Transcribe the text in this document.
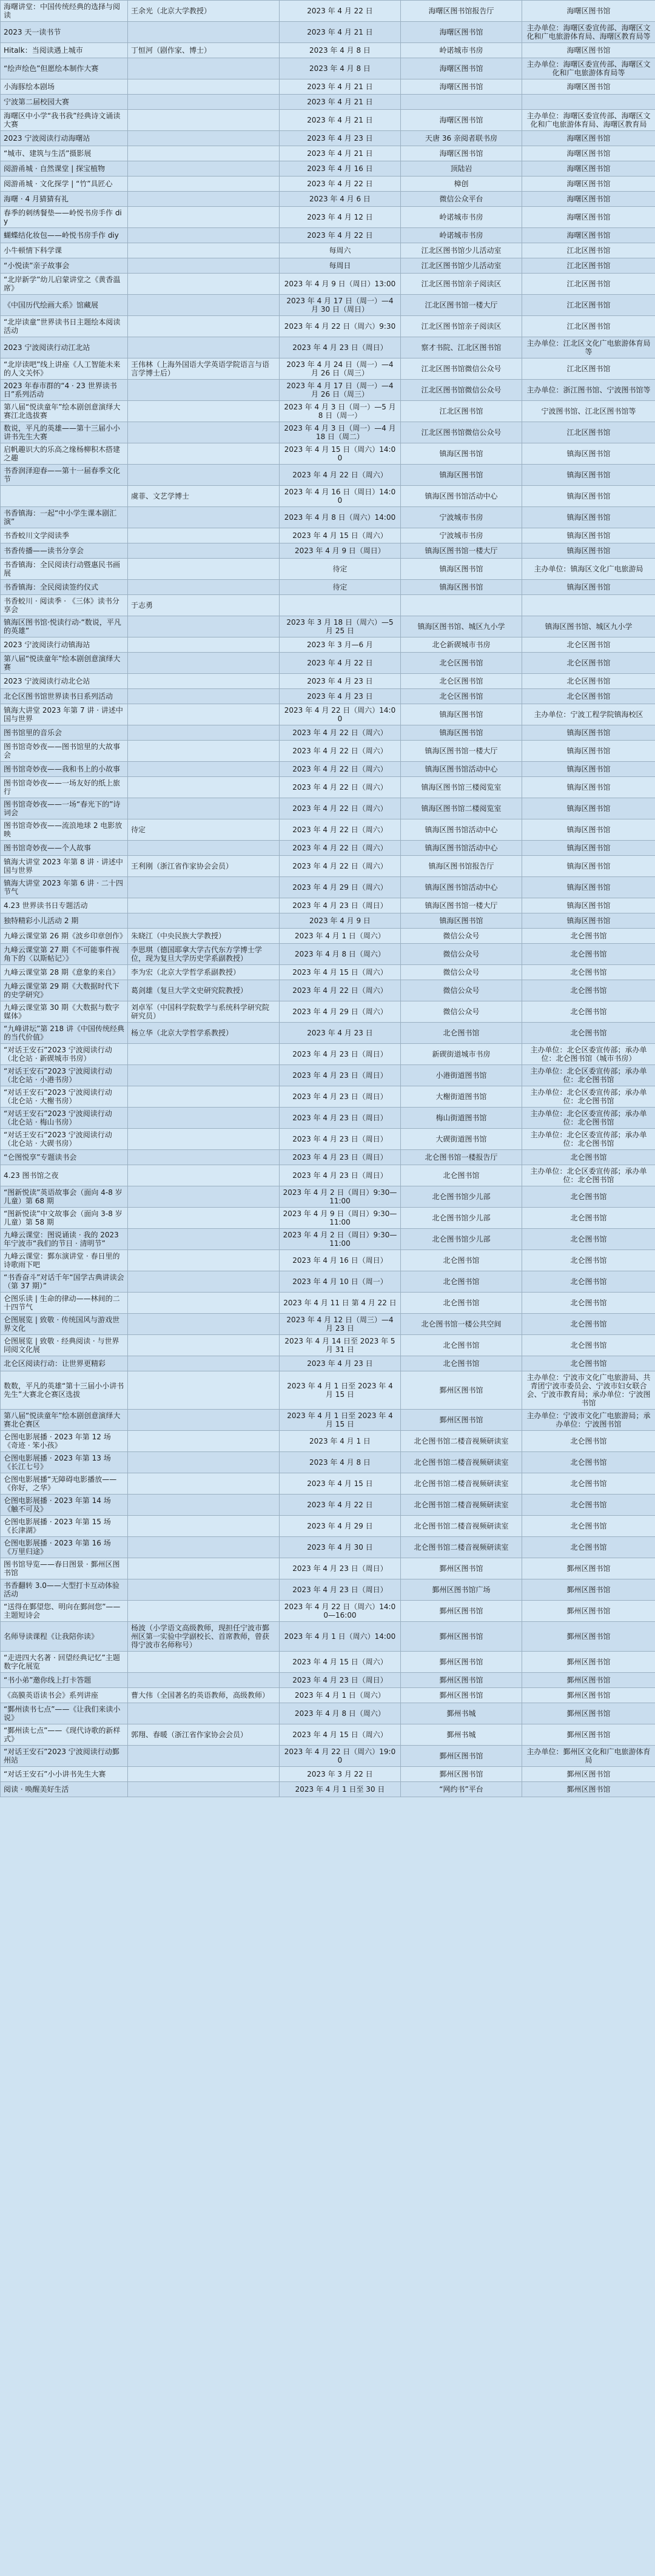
海曙讲堂：中国传统经典的选择与阅读	王余光（北京大学教授）	2023 年 4 月 22 日	海曙区图书馆报告厅	海曙区图书馆
2023 天一读书节		2023 年 4 月 21 日	海曙区图书馆	主办单位：海曙区委宣传部、海曙区文化和广电旅游体育局、海曙区教育局等
Hitalk：当阅读遇上城市	丁恒河（剧作家、博士）	2023 年 4 月 8 日	岭诺城市书房	海曙区图书馆
“绘声绘色”但愿绘本制作大赛		2023 年 4 月 8 日	海曙区图书馆	主办单位：海曙区委宣传部、海曙区文化和广电旅游体育局等
小海豚绘本剧场		2023 年 4 月 21 日	海曙区图书馆	海曙区图书馆
宁波第二届校园大赛		2023 年 4 月 21 日		
海曙区中小学“我书我”经典诗文诵读大赛		2023 年 4 月 21 日	海曙区图书馆	主办单位：海曙区委宣传部、海曙区文化和广电旅游体育局、海曙区教育局
2023 宁波阅读行动海曙站		2023 年 4 月 23 日	天唐 36 亲阅者联书房	海曙区图书馆
“城市、建筑与生活”摄影展		2023 年 4 月 21 日	海曙区图书馆	海曙区图书馆
阅游甬城 · 自然课堂 | 探宝植物		2023 年 4 月 16 日	顶陆岩	海曙区图书馆
阅游甬城 · 文化探学 | “竹”具匠心		2023 年 4 月 22 日	樟创	海曙区图书馆
海曙 · 4 月猜猜有礼		2023 年 4 月 6 日	微信公众平台	海曙区图书馆
春季的刺绣餐垫——岭悦书房手作 diy		2023 年 4 月 12 日	岭诺城市书房	海曙区图书馆
蝴蝶结化妆包——岭悦书房手作 diy		2023 年 4 月 22 日	岭诺城市书房	海曙区图书馆
小牛顿情下科学课		每周六	江北区图书馆少儿活动室	江北区图书馆
“小悦读”亲子故事会		每周日	江北区图书馆少儿活动室	江北区图书馆
“北岸新学”幼儿启蒙讲堂之《黄香温席》		2023 年 4 月 9 日（周日）13:00	江北区图书馆亲子阅读区	江北区图书馆
《中国历代绘画大系》馆藏展		2023 年 4 月 17 日（周一）—4 月 30 日（周日）	江北区图书馆一楼大厅	江北区图书馆
“北岸读童”世界读书日主题绘本阅读活动		2023 年 4 月 22 日（周六）9:30	江北区图书馆亲子阅读区	江北区图书馆
2023 宁波阅读行动江北站		2023 年 4 月 23 日（周日）	察才书院、江北区图书馆	主办单位：江北区文化广电旅游体育局等
“北岸读吧”线上讲座《人工智能未来的人文关怀》	王伟林（上海外国语大学英语学院语言与语言学博士后）	2023 年 4 月 24 日（周一）—4 月 26 日（周三）	江北区图书馆微信公众号	江北区图书馆
2023 年春市群的“4 · 23 世界读书日”系列活动		2023 年 4 月 17 日（周一）—4 月 26 日（周三）	江北区图书馆微信公众号	主办单位：浙江图书馆、宁波图书馆等
第八届“悦读童年”绘本剧创意演绎大赛江北选拔赛		2023 年 4 月 3 日（周一）—5 月 8 日（周一）	江北区图书馆	宁波图书馆、江北区图书馆等
数说，平凡的英雄——第十三届小小讲书先生大赛		2023 年 4 月 3 日（周一）—4 月 18 日（周二）	江北区图书馆微信公众号	江北区图书馆
启帆趣识大的乐高之缘杨柳积木搭建之趣		2023 年 4 月 15 日（周六）14:00	镇海区图书馆	镇海区图书馆
书香润泽迎春——第十一届春季文化节		2023 年 4 月 22 日（周六）	镇海区图书馆	镇海区图书馆
	虞菲、文艺学博士	2023 年 4 月 16 日（周日）14:00	镇海区图书馆活动中心	镇海区图书馆
书香镇海：一起“中小学生课本剧汇演”		2023 年 4 月 8 日（周六）14:00	宁波城市书房	镇海区图书馆
书香蛟川文学阅读季		2023 年 4 月 15 日（周六）	宁波城市书房	镇海区图书馆
书香传播——读书分享会		2023 年 4 月 9 日（周日）	镇海区图书馆一楼大厅	镇海区图书馆
书香镇海：全民阅读行动暨惠民书画展		待定	镇海区图书馆	主办单位：镇海区文化广电旅游局
书香镇海：全民阅读签约仪式		待定	镇海区图书馆	镇海区图书馆
书香蛟川 · 阅读季 · 《三体》读书分享会	于志勇			
镇海区图书馆·悦读行动·“数说，平凡的英雄”		2023 年 3 月 18 日（周六）—5 月 25 日	镇海区图书馆、城区九小学	镇海区图书馆、城区九小学
2023 宁波阅读行动镇海站		2023 年 3 月—6 月	北仑新碶城市书房	北仑区图书馆
第八届“悦读童年”绘本剧创意演绎大赛		2023 年 4 月 22 日	北仑区图书馆	北仑区图书馆
2023 宁波阅读行动北仑站		2023 年 4 月 23 日	北仑区图书馆	北仑区图书馆
北仑区图书馆世界读书日系列活动		2023 年 4 月 23 日	北仑区图书馆	北仑区图书馆
镇海大讲堂 2023 年第 7 讲 · 讲述中国与世界		2023 年 4 月 22 日（周六）14:00	镇海区图书馆	主办单位：宁波工程学院镇海校区
图书馆里的音乐会		2023 年 4 月 22 日（周六）	镇海区图书馆	镇海区图书馆
图书馆奇妙夜——图书馆里的大故事会		2023 年 4 月 22 日（周六）	镇海区图书馆一楼大厅	镇海区图书馆
图书馆奇妙夜——我和书上的小故事		2023 年 4 月 22 日（周六）	镇海区图书馆活动中心	镇海区图书馆
图书馆奇妙夜——一场友好的纸上旅行		2023 年 4 月 22 日（周六）	镇海区图书馆三楼阅览室	镇海区图书馆
图书馆奇妙夜——一场“春光下的”诗词会		2023 年 4 月 22 日（周六）	镇海区图书馆二楼阅览室	镇海区图书馆
图书馆奇妙夜——流浪地球 2 电影放映	待定	2023 年 4 月 22 日（周六）	镇海区图书馆活动中心	镇海区图书馆
图书馆奇妙夜——个人故事		2023 年 4 月 22 日（周六）	镇海区图书馆活动中心	镇海区图书馆
镇海大讲堂 2023 年第 8 讲 · 讲述中国与世界	王利刚（浙江省作家协会会员）	2023 年 4 月 22 日（周六）	镇海区图书馆报告厅	镇海区图书馆
镇海大讲堂 2023 年第 6 讲 · 二十四节气		2023 年 4 月 29 日（周六）	镇海区图书馆活动中心	镇海区图书馆
4.23 世界读书日专题活动		2023 年 4 月 23 日（周日）	镇海区图书馆一楼大厅	镇海区图书馆
独特精彩小儿活动 2 期		2023 年 4 月 9 日	镇海区图书馆	镇海区图书馆
九峰云课堂第 26 期《波乡印章创作》	朱晓江（中央民族大学教授）	2023 年 4 月 1 日（周六）	微信公众号	北仑图书馆
九峰云课堂第 27 期《不可能事件视角下的〈以斯帖记〉》	李思琪（德国耶拿大学古代东方学博士学位，现为复旦大学历史学系副教授）	2023 年 4 月 8 日（周六）	微信公众号	北仑图书馆
九峰云课堂第 28 期《意象的来自》	李为宏（北京大学哲学系副教授）	2023 年 4 月 15 日（周六）	微信公众号	北仑图书馆
九峰云课堂第 29 期《大数据时代下的史学研究》	葛剑雄（复旦大学文史研究院教授）	2023 年 4 月 22 日（周六）	微信公众号	北仑图书馆
九峰云课堂第 30 期《大数据与数字媒体》	刘卓军（中国科学院数学与系统科学研究院研究员）	2023 年 4 月 29 日（周六）	微信公众号	北仑图书馆
“九峰讲坛”第 218 讲《中国传统经典的当代价值》	杨立华（北京大学哲学系教授）	2023 年 4 月 23 日	北仑图书馆	北仑图书馆
“对话王安石”2023 宁波阅读行动（北仑站 · 新碶城市书房）		2023 年 4 月 23 日（周日）	新碶街道城市书房	主办单位：北仑区委宣传部；承办单位：北仑图书馆（城市书房）
“对话王安石”2023 宁波阅读行动（北仑站 · 小港书房）		2023 年 4 月 23 日（周日）	小港街道图书馆	主办单位：北仑区委宣传部；承办单位：北仑图书馆
“对话王安石”2023 宁波阅读行动（北仑站 · 大榭书房）		2023 年 4 月 23 日（周日）	大榭街道图书馆	主办单位：北仑区委宣传部；承办单位：北仑图书馆
“对话王安石”2023 宁波阅读行动（北仑站 · 梅山书房）		2023 年 4 月 23 日（周日）	梅山街道图书馆	主办单位：北仑区委宣传部；承办单位：北仑图书馆
“对话王安石”2023 宁波阅读行动（北仑站 · 大碶书房）		2023 年 4 月 23 日（周日）	大碶街道图书馆	主办单位：北仑区委宣传部；承办单位：北仑图书馆
“仑图悦享”专题读书会		2023 年 4 月 23 日（周日）	北仑图书馆一楼报告厅	北仑图书馆
4.23 图书馆之夜		2023 年 4 月 23 日（周日）	北仑图书馆	主办单位：北仑区委宣传部；承办单位：北仑图书馆
“图新悦读”英语故事会（面向 4-8 岁儿童）第 68 期		2023 年 4 月 2 日（周日）9:30—11:00	北仑图书馆少儿部	北仑图书馆
“图新悦读”中文故事会（面向 3-8 岁儿童）第 58 期		2023 年 4 月 9 日（周日）9:30—11:00	北仑图书馆少儿部	北仑图书馆
九峰云课堂：图说诵读 · 我的 2023 年宁波市“我们的节日 · 清明节”		2023 年 4 月 2 日（周日）9:30—11:00	北仑图书馆少儿部	北仑图书馆
九峰云课堂：鄞东演讲堂 · 春日里的诗歌雨下吧		2023 年 4 月 16 日（周日）	北仑图书馆	北仑图书馆
“书香奋斗”对话千年“国学古典讲读会（第 37 期）”		2023 年 4 月 10 日（周一）	北仑图书馆	北仑图书馆
仑图乐读 | 生命的律动——林间的二十四节气		2023 年 4 月 11 日 第 4 月 22 日	北仑图书馆	北仑图书馆
仑图展览 | 致敬 · 传统国风与游戏世界文化		2023 年 4 月 12 日（周三）—4 月 23 日	北仑图书馆一楼公共空间	北仑图书馆
仑图展览 | 致敬 · 经典阅读 · 与世界同阅文化展		2023 年 4 月 14 日至 2023 年 5 月 31 日	北仑图书馆	北仑图书馆
北仑区阅读行动：让世界更精彩		2023 年 4 月 23 日	北仑图书馆	北仑图书馆
数数，平凡的英雄“第十三届小小讲书先生”大赛北仑赛区选拔		2023 年 4 月 1 日至 2023 年 4 月 15 日	鄞州区图书馆	主办单位：宁波市文化广电旅游局、共青团宁波市委员会、宁波市妇女联合会、宁波市教育局；承办单位：宁波图书馆
第八届“悦读童年”绘本剧创意演绎大赛北仑赛区		2023 年 4 月 1 日至 2023 年 4 月 15 日	鄞州区图书馆	主办单位：宁波市文化广电旅游局；承办单位：宁波图书馆
仑图电影展播 · 2023 年第 12 场《奇迹 · 笨小孩》		2023 年 4 月 1 日	北仑图书馆二楼音视频研读室	北仑图书馆
仑图电影展播 · 2023 年第 13 场《长江七号》		2023 年 4 月 8 日	北仑图书馆二楼音视频研读室	北仑图书馆
仑图电影展播“无障碍电影播放——《你好，之华》		2023 年 4 月 15 日	北仑图书馆二楼音视频研读室	北仑图书馆
仑图电影展播 · 2023 年第 14 场《触不可及》		2023 年 4 月 22 日	北仑图书馆二楼音视频研读室	北仑图书馆
仑图电影展播 · 2023 年第 15 场《长津湖》		2023 年 4 月 29 日	北仑图书馆二楼音视频研读室	北仑图书馆
仑图电影展播 · 2023 年第 16 场《万里归途》		2023 年 4 月 30 日	北仑图书馆二楼音视频研读室	北仑图书馆
图书馆导览——春日图景 · 鄞州区图书馆		2023 年 4 月 23 日（周日）	鄞州区图书馆	鄞州区图书馆
书香翻转 3.0——大型打卡互动体验活动		2023 年 4 月 23 日（周日）	鄞州区图书馆广场	鄞州区图书馆
“送得在鄞望您、明向在鄞间您”——主题短诗会		2023 年 4 月 22 日（周六）14:00—16:00	鄞州区图书馆	鄞州区图书馆
名师导读课程《让我陪你读》	杨波（小学语文高级教师，现担任宁波市鄞州区第一实验中学副校长、首席教师，曾获得宁波市名师称号）	2023 年 4 月 1 日（周六）14:00	鄞州区图书馆	鄞州区图书馆
“走进四大名著 · 回望经典记忆”主题数字化展览		2023 年 4 月 15 日（周六）	鄞州区图书馆	鄞州区图书馆
“书小弟”邀你线上打卡答题		2023 年 4 月 23 日（周日）	鄞州区图书馆	鄞州区图书馆
《高膜英语读书会》系列讲座	曹大伟（全国著名的英语教师，高级教师）	2023 年 4 月 1 日（周六）	鄞州区图书馆	鄞州区图书馆
“鄞州读书七点”——《让我们来读小说》		2023 年 4 月 8 日（周六）	鄞州书城	鄞州区图书馆
“鄞州读七点”——《现代诗歌的新样式》	郭翔、春暖（浙江省作家协会会员）	2023 年 4 月 15 日（周六）	鄞州书城	鄞州区图书馆
“对话王安石”2023 宁波阅读行动鄞州站		2023 年 4 月 22 日（周六）19:00	鄞州区图书馆	主办单位：鄞州区文化和广电旅游体育局
“对话王安石”小小讲书先生大赛		2023 年 3 月 22 日	鄞州区图书馆	鄞州区图书馆
阅读 · 唤醒美好生活		2023 年 4 月 1 日至 30 日	“网约书”平台	鄞州区图书馆
